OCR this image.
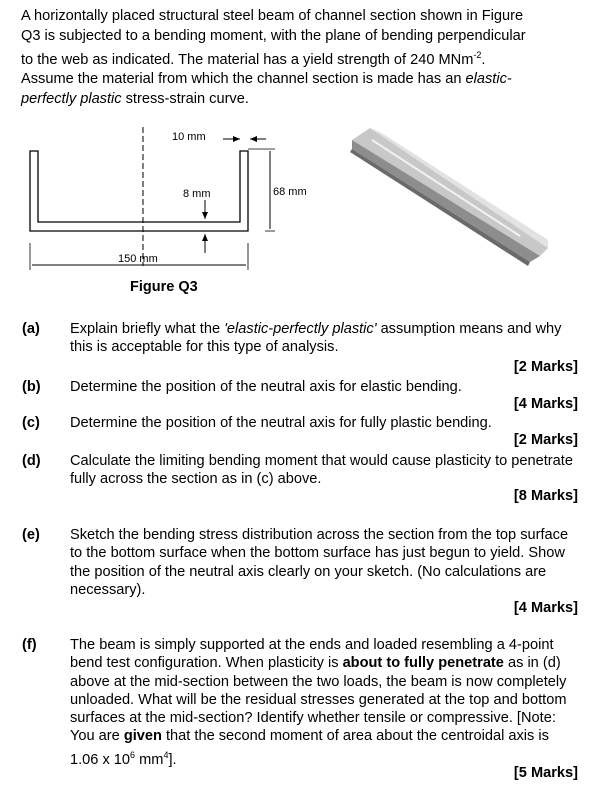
A horizontally placed structural steel beam of channel section shown in Figure

Q3 is subjected to a bending moment, with the plane of bending perpendicular

to the web as indicated. The material has a yield strength of 240 MNm$^{-2}$.

Assume the material from which the channel section is made has an elastic-

perfectly plastic stress-strain curve.

10 mm
8 mm	68 mm
150 mm
Figure Q3
(a) Explain briefly what the 'elastic-perfectly plastic' assumption means and why this is acceptable for this type of analysis.
[2 Marks]
(b) Determine the position of the neutral axis for elastic bending.
[4 Marks]
(c) Determine the position of the neutral axis for fully plastic bending.
[2 Marks]
(d) Calculate the limiting bending moment that would cause plasticity to penetrate fully across the section as in (c) above.
[8 Marks]
(e) Sketch the bending stress distribution across the section from the top surface to the bottom surface when the bottom surface has just begun to yield. Show the position of the neutral axis clearly on your sketch. (No calculations are necessary).
[4 Marks]
(f) The beam is simply supported at the ends and loaded resembling a 4-point bend test configuration. When plasticity is about to fully penetrate as in (d) above at the mid-section between the two loads, the beam is now completely unloaded. What will be the residual stresses generated at the top and bottom surfaces at the mid-section? Identify whether tensile or compressive. [Note: You are given that the second moment of area about the centroidal axis is 1.06 x $10^6$ $mm^4$].
[5 Marks]
